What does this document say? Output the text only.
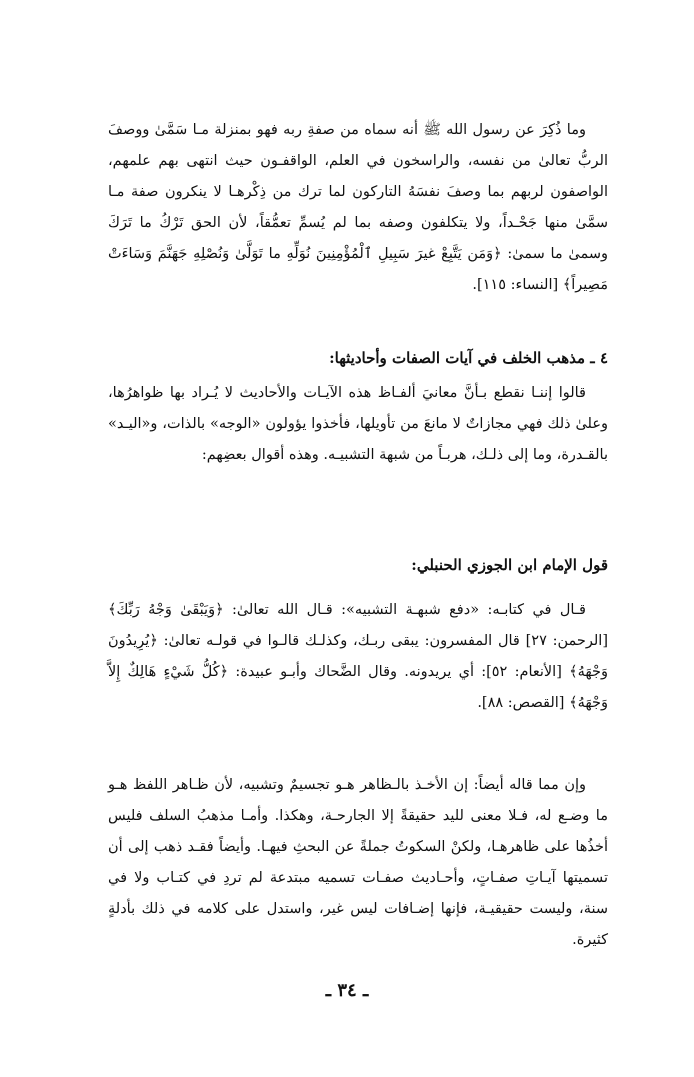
وما ذُكِرَ عن رسول الله ﷺ أنه سماه من صفةِ ربه فهو بمنزلة مـا سَمَّىٰ ووصفَ الربُّ تعالىٰ من نفسه، والراسخون في العلم، الواقفـون حيث انتهى بهم علمهم، الواصفون لربهم بما وصفَ نفسَهُ التاركون لما ترك من ذِكْرهـا لا ينكرون صفة مـا سمَّىٰ منها جَحْـداً، ولا يتكلفون وصفه بما لم يُسمِّ تعمُّقاً، لأن الحق تَرْكُ ما تَرَكَ وسمىٰ ما سمىٰ: ﴿وَمَن يَتَّبِعْ غيرَ سَبِيلِ ٱلْمُؤْمِنِينَ نُوَلِّهِ ما تَوَلَّىٰ وَنُصْلِهِ جَهَنَّمَ وَسَاءَتْ مَصِيراً﴾ [النساء: ١١٥].

٤ ـ مذهب الخلف في آيات الصفات وأحاديثها:

قالوا إننـا نقطع بـأنَّ معانيَ ألفـاظ هذه الآيـات والأحاديث لا يُـراد بها ظواهرُها، وعلىٰ ذلك فهي مجازاتٌ لا مانعَ من تأويلها، فأخذوا يؤولون «الوجه» بالذات، و«اليـد» بالقـدرة، وما إلى ذلـك، هربـاً من شبهة التشبيـه. وهذه أقوال بعضِهم:

قول الإمام ابن الجوزي الحنبلي:

قـال في كتابـه: «دفع شبهـة التشبيه»: قـال الله تعالىٰ: ﴿وَيَبْقَىٰ وَجْهُ رَبِّكَ﴾ [الرحمن: ٢٧] قال المفسرون: يبقى ربـك، وكذلـك قالـوا في قولـه تعالىٰ: ﴿يُرِيدُونَ وَجْهَهُ﴾ [الأنعام: ٥٢]: أي يريدونه. وقال الضَّحاك وأبـو عبيدة: ﴿كُلُّ شَيْءٍ هَالِكٌ إِلاَّ وَجْهَهُ﴾ [القصص: ٨٨].

وإن مما قاله أيضاً: إن الأخـذ بالـظاهر هـو تجسيمٌ وتشبيه، لأن ظـاهر اللفظ هـو ما وضـع له، فـلا معنى لليد حقيقةً إلا الجارحـة، وهكذا. وأمـا مذهبُ السلف فليس أخذُها على ظاهرهـا، ولكنْ السكوتُ جملةً عن البحثِ فيهـا. وأيضاً فقـد ذهب إلى أن تسميتها آيـاتِ صفـاتٍ، وأحـاديث صفـات تسميه مبتدعة لم تردِ في كتـاب ولا في سنة، وليست حقيقيـة، فإنها إضـافات ليس غير، واستدل على كلامه في ذلك بأدلةٍ كثيرة.

ـ ٣٤ ـ
